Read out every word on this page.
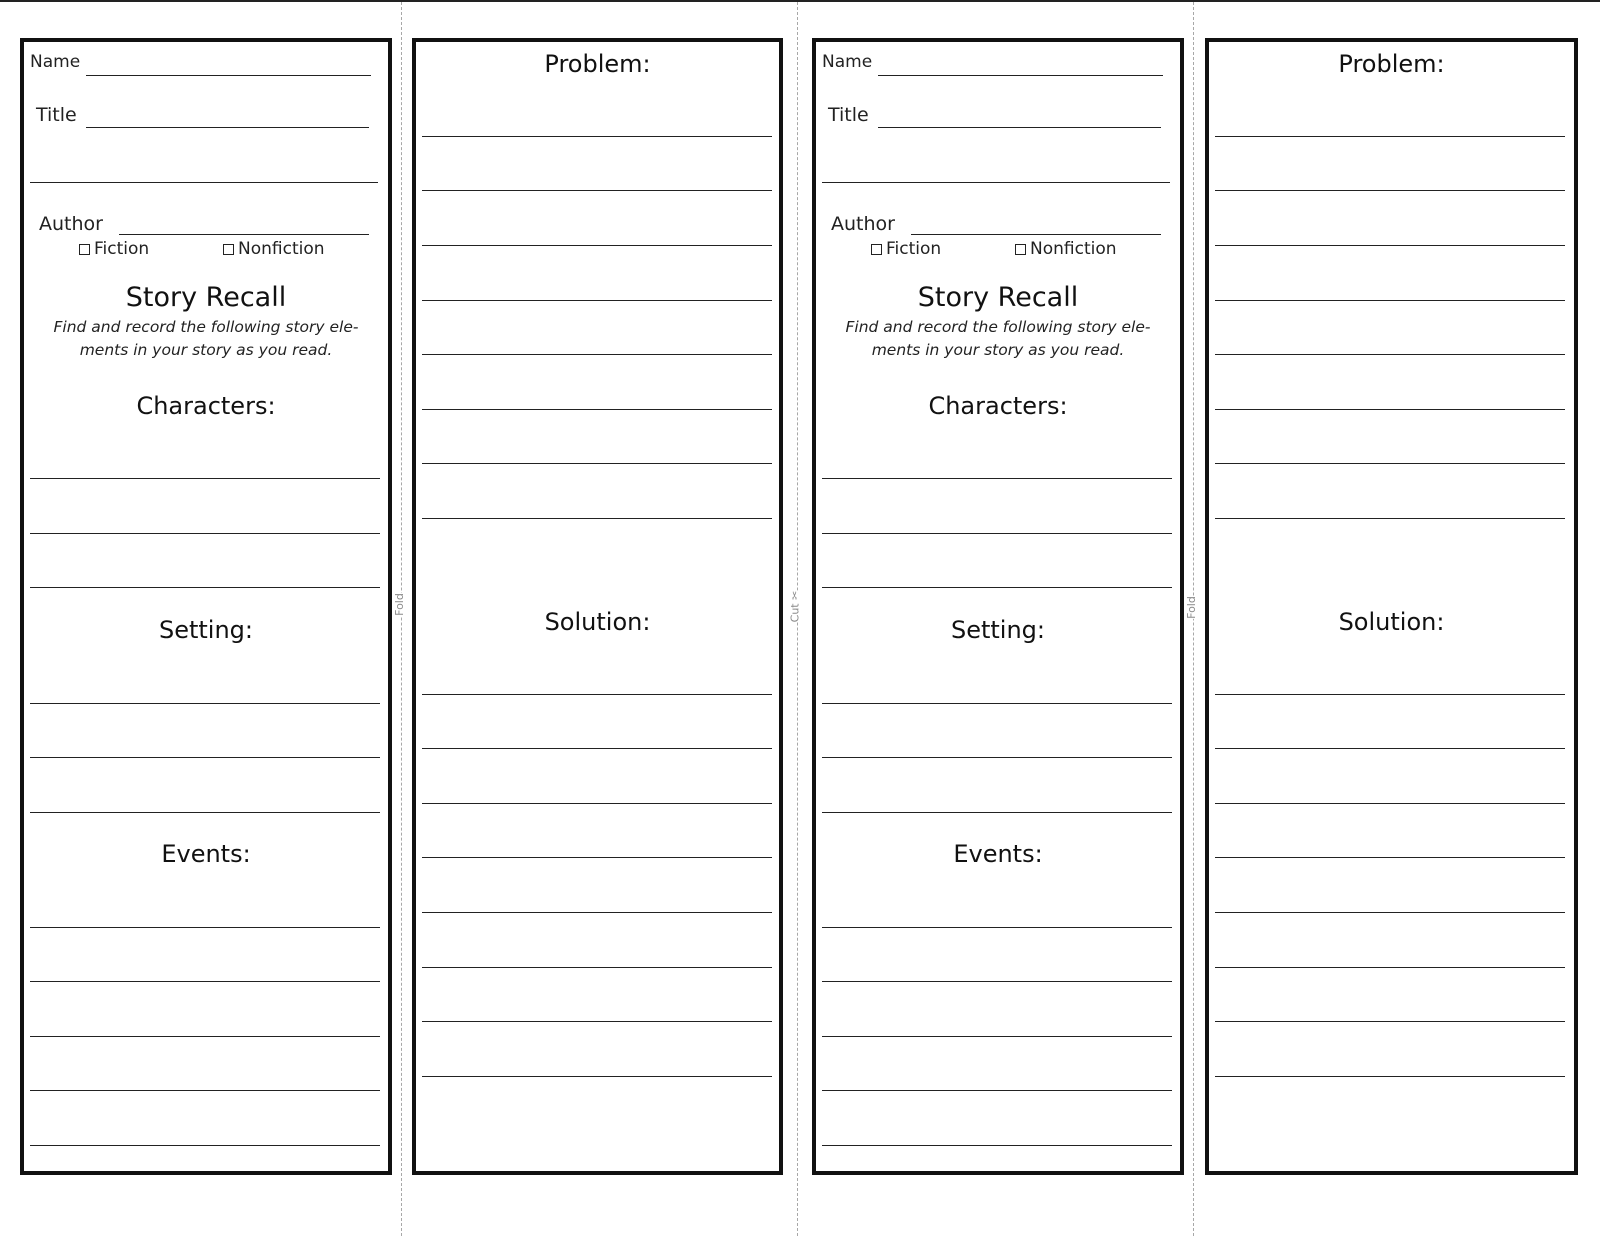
Fold	Cut ✂	Fold
Name
Title
Author
Fiction	Nonfiction
Story Recall
Find and record the following story ele-
ments in your story as you read.
Characters:
Setting:
Events:
Problem:
Solution:
Name
Title
Author
Fiction	Nonfiction
Story Recall
Find and record the following story ele-
ments in your story as you read.
Characters:
Setting:
Events:
Problem:
Solution:
